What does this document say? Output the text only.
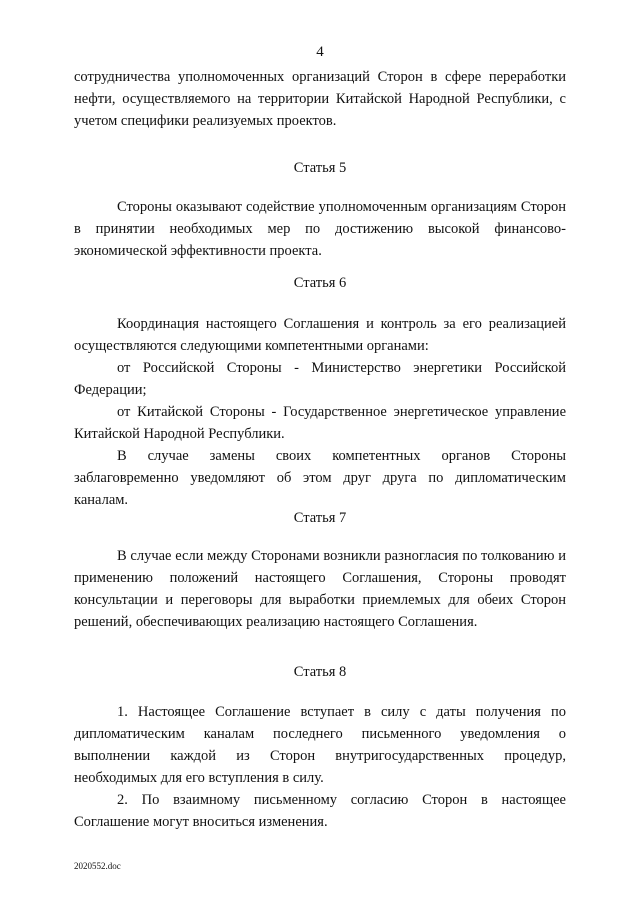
4

сотрудничества уполномоченных организаций Сторон в сфере переработки нефти, осуществляемого на территории Китайской Народной Республики, с учетом специфики реализуемых проектов.

Статья 5

Стороны оказывают содействие уполномоченным организациям Сторон в принятии необходимых мер по достижению высокой финансово-экономической эффективности проекта.

Статья 6

Координация настоящего Соглашения и контроль за его реализацией осуществляются следующими компетентными органами:

от Российской Стороны - Министерство энергетики Российской Федерации;

от Китайской Стороны - Государственное энергетическое управление Китайской Народной Республики.

В случае замены своих компетентных органов Стороны заблаговременно уведомляют об этом друг друга по дипломатическим каналам.

Статья 7

В случае если между Сторонами возникли разногласия по толкованию и применению положений настоящего Соглашения, Стороны проводят консультации и переговоры для выработки приемлемых для обеих Сторон решений, обеспечивающих реализацию настоящего Соглашения.

Статья 8

1. Настоящее Соглашение вступает в силу с даты получения по дипломатическим каналам последнего письменного уведомления о выполнении каждой из Сторон внутригосударственных процедур, необходимых для его вступления в силу.

2. По взаимному письменному согласию Сторон в настоящее Соглашение могут вноситься изменения.

2020552.doc
